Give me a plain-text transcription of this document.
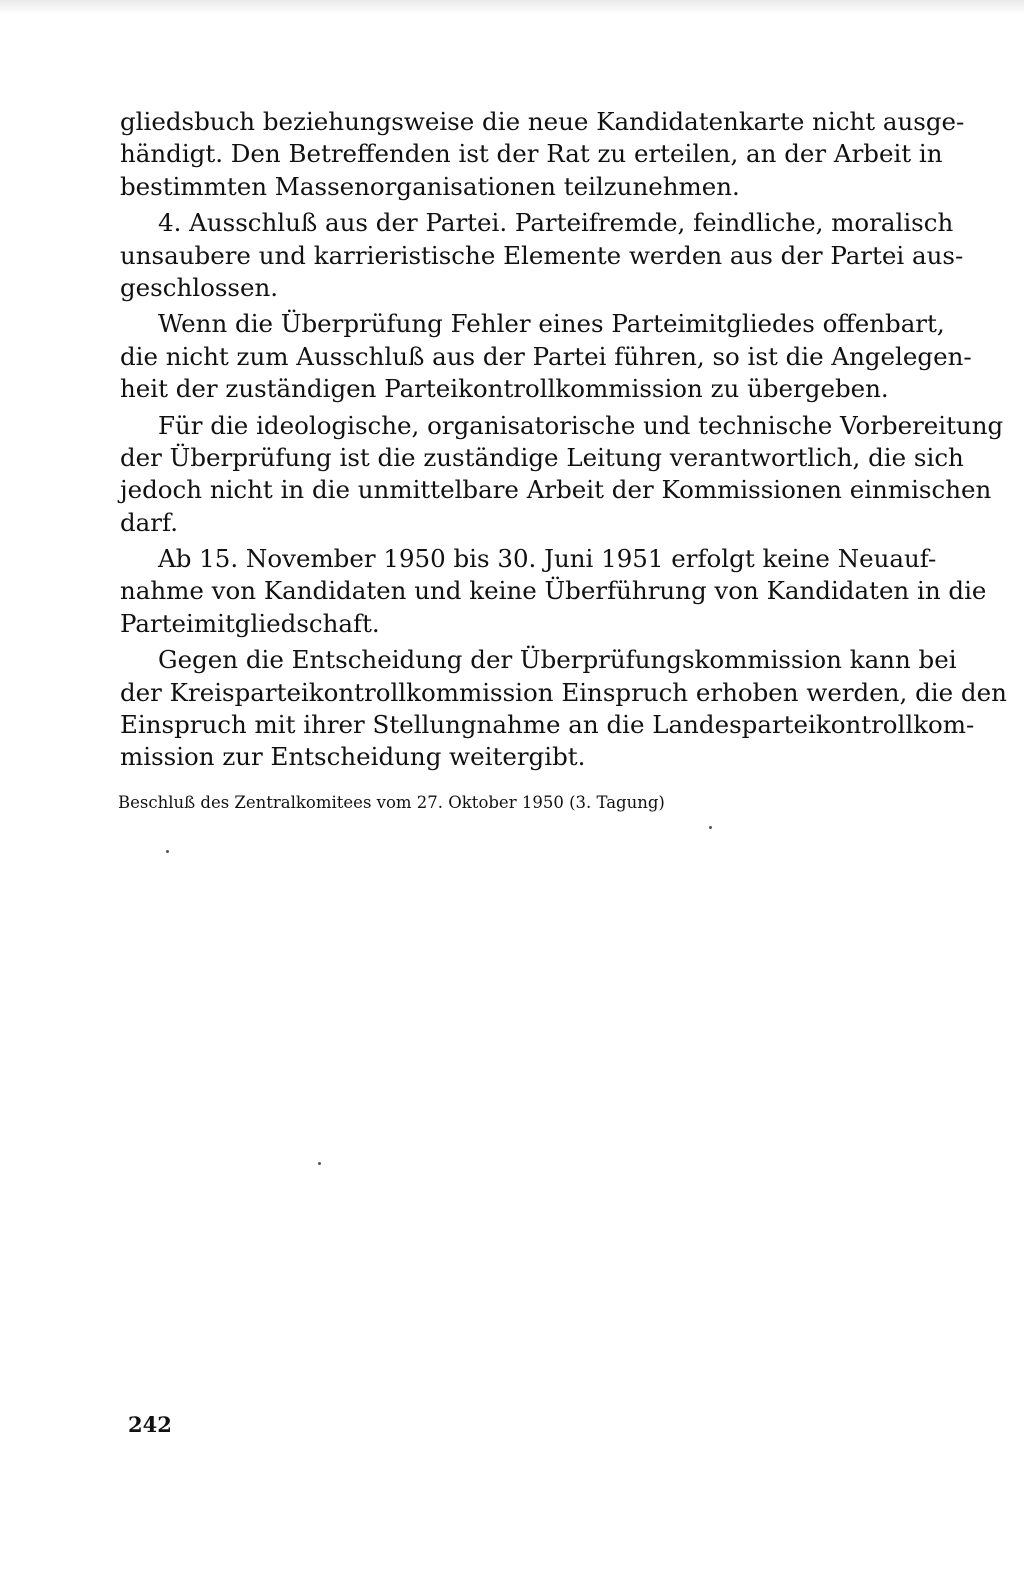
gliedsbuch beziehungsweise die neue Kandidatenkarte nicht ausge-
händigt. Den Betreffenden ist der Rat zu erteilen, an der Arbeit in
bestimmten Massenorganisationen teilzunehmen.
4. Ausschluß aus der Partei. Parteifremde, feindliche, moralisch
unsaubere und karrieristische Elemente werden aus der Partei aus-
geschlossen.
Wenn die Überprüfung Fehler eines Parteimitgliedes offenbart,
die nicht zum Ausschluß aus der Partei führen, so ist die Angelegen-
heit der zuständigen Parteikontrollkommission zu übergeben.
Für die ideologische, organisatorische und technische Vorbereitung
der Überprüfung ist die zuständige Leitung verantwortlich, die sich
jedoch nicht in die unmittelbare Arbeit der Kommissionen einmischen
darf.
Ab 15. November 1950 bis 30. Juni 1951 erfolgt keine Neuauf-
nahme von Kandidaten und keine Überführung von Kandidaten in die
Parteimitgliedschaft.
Gegen die Entscheidung der Überprüfungskommission kann bei
der Kreisparteikontrollkommission Einspruch erhoben werden, die den
Einspruch mit ihrer Stellungnahme an die Landesparteikontrollkom-
mission zur Entscheidung weitergibt.
Beschluß des Zentralkomitees vom 27. Oktober 1950 (3. Tagung)
242
